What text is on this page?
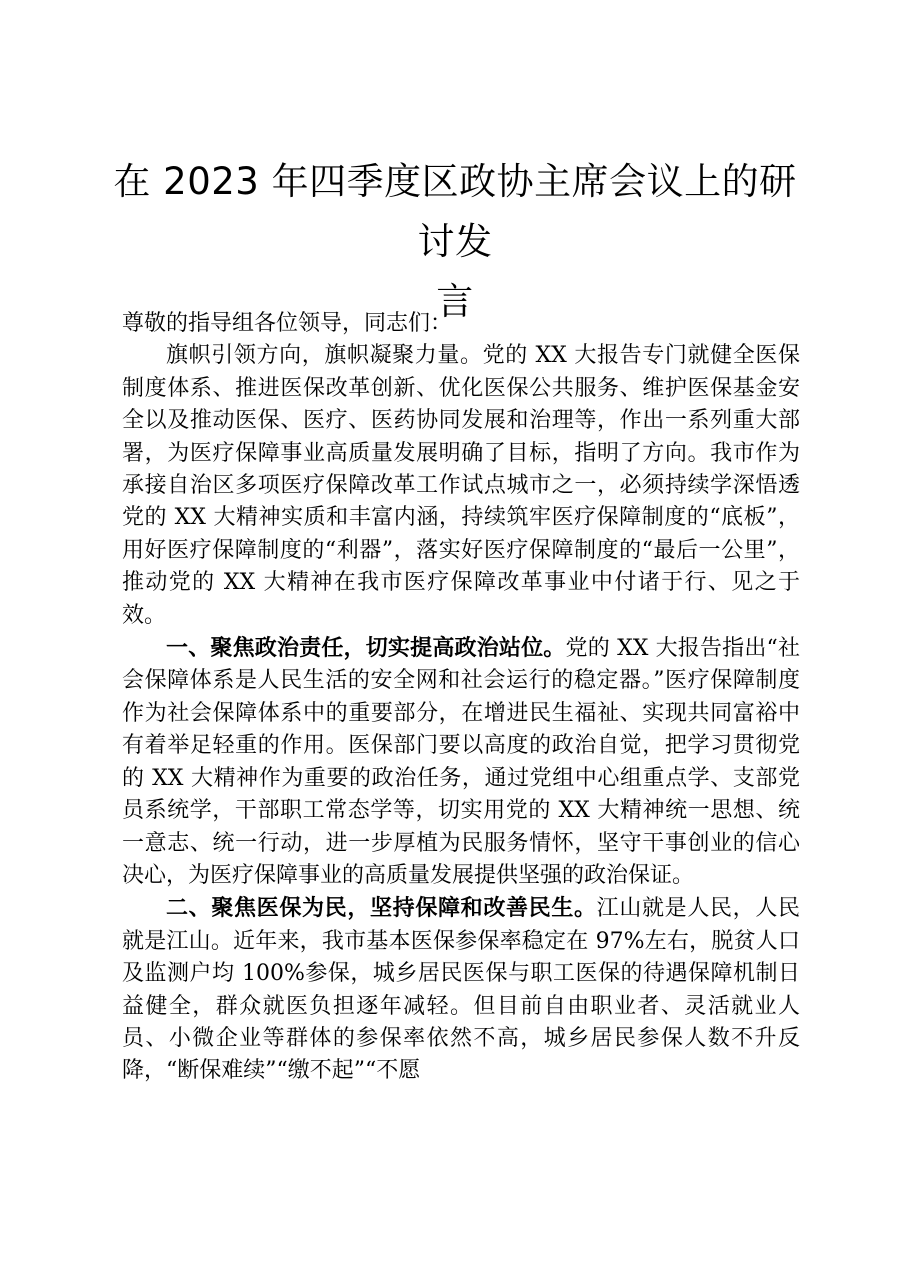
在 2023 年四季度区政协主席会议上的研讨发
言

尊敬的指导组各位领导，同志们：

旗帜引领方向，旗帜凝聚力量。党的 XX 大报告专门就健全医保制度体系、推进医保改革创新、优化医保公共服务、维护医保基金安全以及推动医保、医疗、医药协同发展和治理等，作出一系列重大部署，为医疗保障事业高质量发展明确了目标，指明了方向。我市作为承接自治区多项医疗保障改革工作试点城市之一，必须持续学深悟透党的 XX 大精神实质和丰富内涵，持续筑牢医疗保障制度的“底板”，用好医疗保障制度的“利器”，落实好医疗保障制度的“最后一公里”，推动党的 XX 大精神在我市医疗保障改革事业中付诸于行、见之于效。

一、聚焦政治责任，切实提高政治站位。党的 XX 大报告指出“社会保障体系是人民生活的安全网和社会运行的稳定器。”医疗保障制度作为社会保障体系中的重要部分，在增进民生福祉、实现共同富裕中有着举足轻重的作用。医保部门要以高度的政治自觉，把学习贯彻党的 XX 大精神作为重要的政治任务，通过党组中心组重点学、支部党员系统学，干部职工常态学等，切实用党的 XX 大精神统一思想、统一意志、统一行动，进一步厚植为民服务情怀，坚守干事创业的信心决心，为医疗保障事业的高质量发展提供坚强的政治保证。

二、聚焦医保为民，坚持保障和改善民生。江山就是人民，人民就是江山。近年来，我市基本医保参保率稳定在 97%左右，脱贫人口及监测户均 100%参保，城乡居民医保与职工医保的待遇保障机制日益健全，群众就医负担逐年减轻。但目前自由职业者、灵活就业人员、小微企业等群体的参保率依然不高，城乡居民参保人数不升反降，“断保难续”“缴不起”“不愿
